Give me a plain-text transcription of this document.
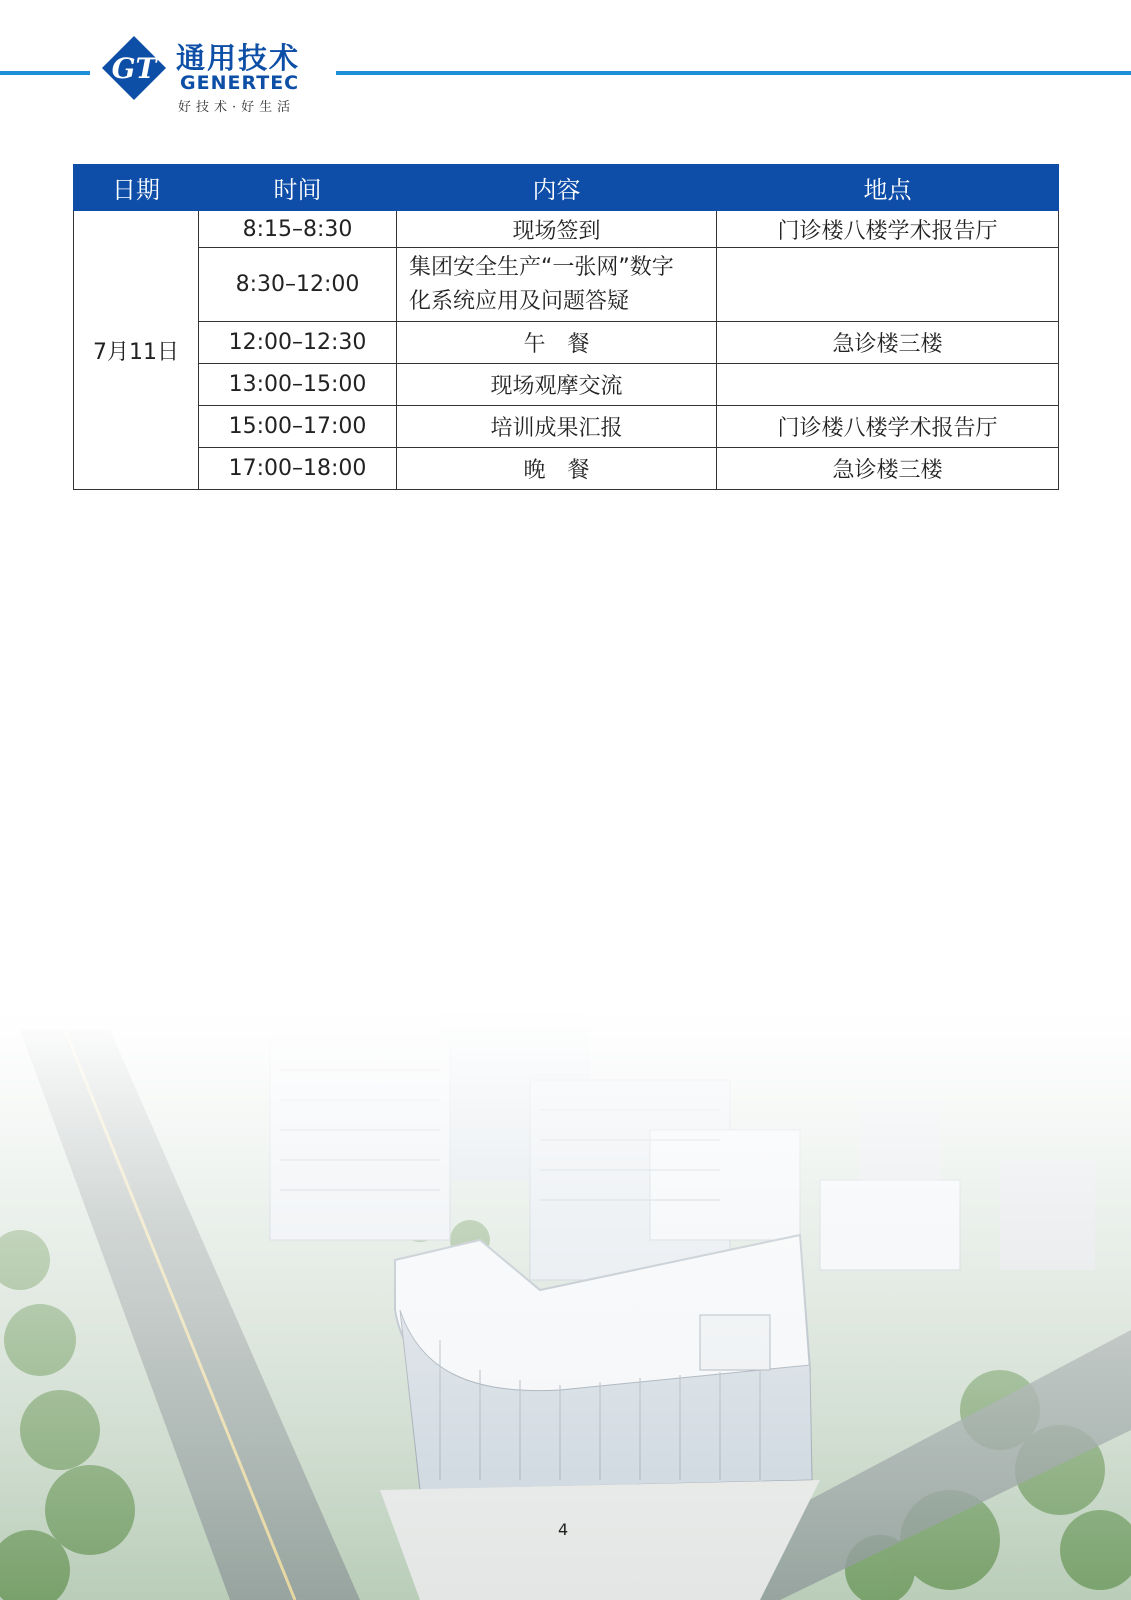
GT 通用技术
GENERTEC
好技术·好生活
日期	时间	内容	地点
7月11日	8:15–8:30	现场签到	门诊楼八楼学术报告厅
	8:30–12:00	集团安全生产“一张网”数字
化系统应用及问题答疑	

	12:00–12:30	午　餐	急诊楼三楼
	13:00–15:00	现场观摩交流	
	15:00–17:00	培训成果汇报	门诊楼八楼学术报告厅
	17:00–18:00	晚　餐	急诊楼三楼
4
